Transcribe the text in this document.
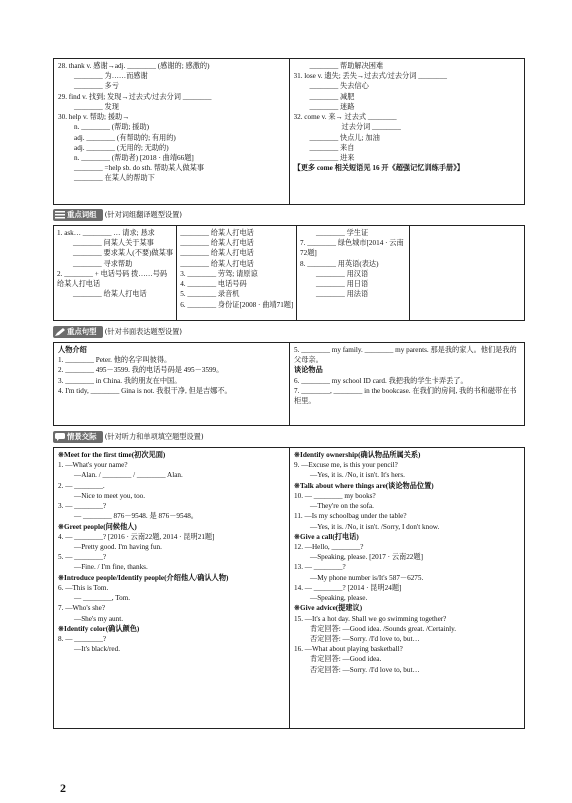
28. thank v. 感谢→adj. ________ (感谢的; 感激的)
________ 为……而感谢
________ 多亏
29. find v. 找到; 发现→过去式/过去分词 ________
________ 发现
30. help v. 帮助; 援助→
n. ________ (帮助; 援助)
adj. ________ (有帮助的; 有用的)
adj. ________ (无用的; 无助的)
n. ________ (帮助者) [2018 · 曲靖66题]
________ =help sb. do sth. 帮助某人做某事
________ 在某人的帮助下
________ 帮助解决困难
31. lose v. 遗失; 丢失→过去式/过去分词 ________
________ 失去信心
________ 减肥
________ 迷路
32. come v. 来→ 过去式 ________
过去分词 ________
________ 快点儿; 加油
________ 来自
________ 进来
【更多 come 相关短语见 16 开《超强记忆训练手册》】
重点词组	(针对词组翻译题型设置)
1. ask… ________ … 请求; 恳求
________ 问某人关于某事
________ 要求某人(不要)做某事
________ 寻求帮助
2. ________ + 电话号码 拨……号码给某人打电话
________ 给某人打电话
________ 给某人打电话
________ 给某人打电话
________ 给某人打电话
________ 给某人打电话
3. ________ 劳驾; 请原谅
4. ________ 电话号码
5. ________ 录音机
6. ________ 身份证[2008 · 曲靖71题]
________ 学生证
7. ________ 绿色城市[2014 · 云南72题]
8. ________ 用英语(表达)
________ 用汉语
________ 用日语
________ 用法语
重点句型	(针对书面表达题型设置)
人物介绍
1. ________ Peter. 他的名字叫彼得。
2. ________ 495－3599. 我的电话号码是 495－3599。
3. ________ in China. 我的朋友在中国。
4. I'm tidy, ________ Gina is not. 我很干净, 但是吉娜不。
5. ________ my family. ________ my parents. 那是我的家人。他们是我的父母亲。
谈论物品
6. ________ my school ID card. 我把我的学生卡弄丢了。
7. ________, ________ in the bookcase. 在我们的房间, 我的书和磁带在书柜里。
情景交际	(针对听力和单项填空题型设置)
※Meet for the first time(初次见面)
1. —What's your name?
—Alan. / ________ / ________ Alan.
2. — ________.
—Nice to meet you, too.
3. — ________?
— ________ 876－9548. 是 876－9548。
※Greet people(问候他人)
4. — ________? [2016 · 云南22题, 2014 · 昆明21题]
—Pretty good. I'm having fun.
5. — ________?
—Fine. / I'm fine, thanks.
※Introduce people/Identify people(介绍他人/确认人物)
6. —This is Tom.
— ________, Tom.
7. —Who's she?
—She's my aunt.
※Identify color(确认颜色)
8. — ________?
—It's black/red.
※Identify ownership(确认物品所属关系)
9. —Excuse me, is this your pencil?
—Yes, it is. /No, it isn't. It's hers.
※Talk about where things are(谈论物品位置)
10. — ________ my books?
—They're on the sofa.
11. —Is my schoolbag under the table?
—Yes, it is. /No, it isn't. /Sorry, I don't know.
※Give a call(打电话)
12. —Hello, ________?
—Speaking, please. [2017 · 云南22题]
13. — ________?
—My phone number is/It's 587－6275.
14. — ________? [2014 · 昆明24题]
—Speaking, please.
※Give advice(提建议)
15. —It's a hot day. Shall we go swimming together?
肯定回答: —Good idea. /Sounds great. /Certainly.
否定回答: —Sorry. /I'd love to, but…
16. —What about playing basketball?
肯定回答: —Good idea.
否定回答: —Sorry. /I'd love to, but…
2
